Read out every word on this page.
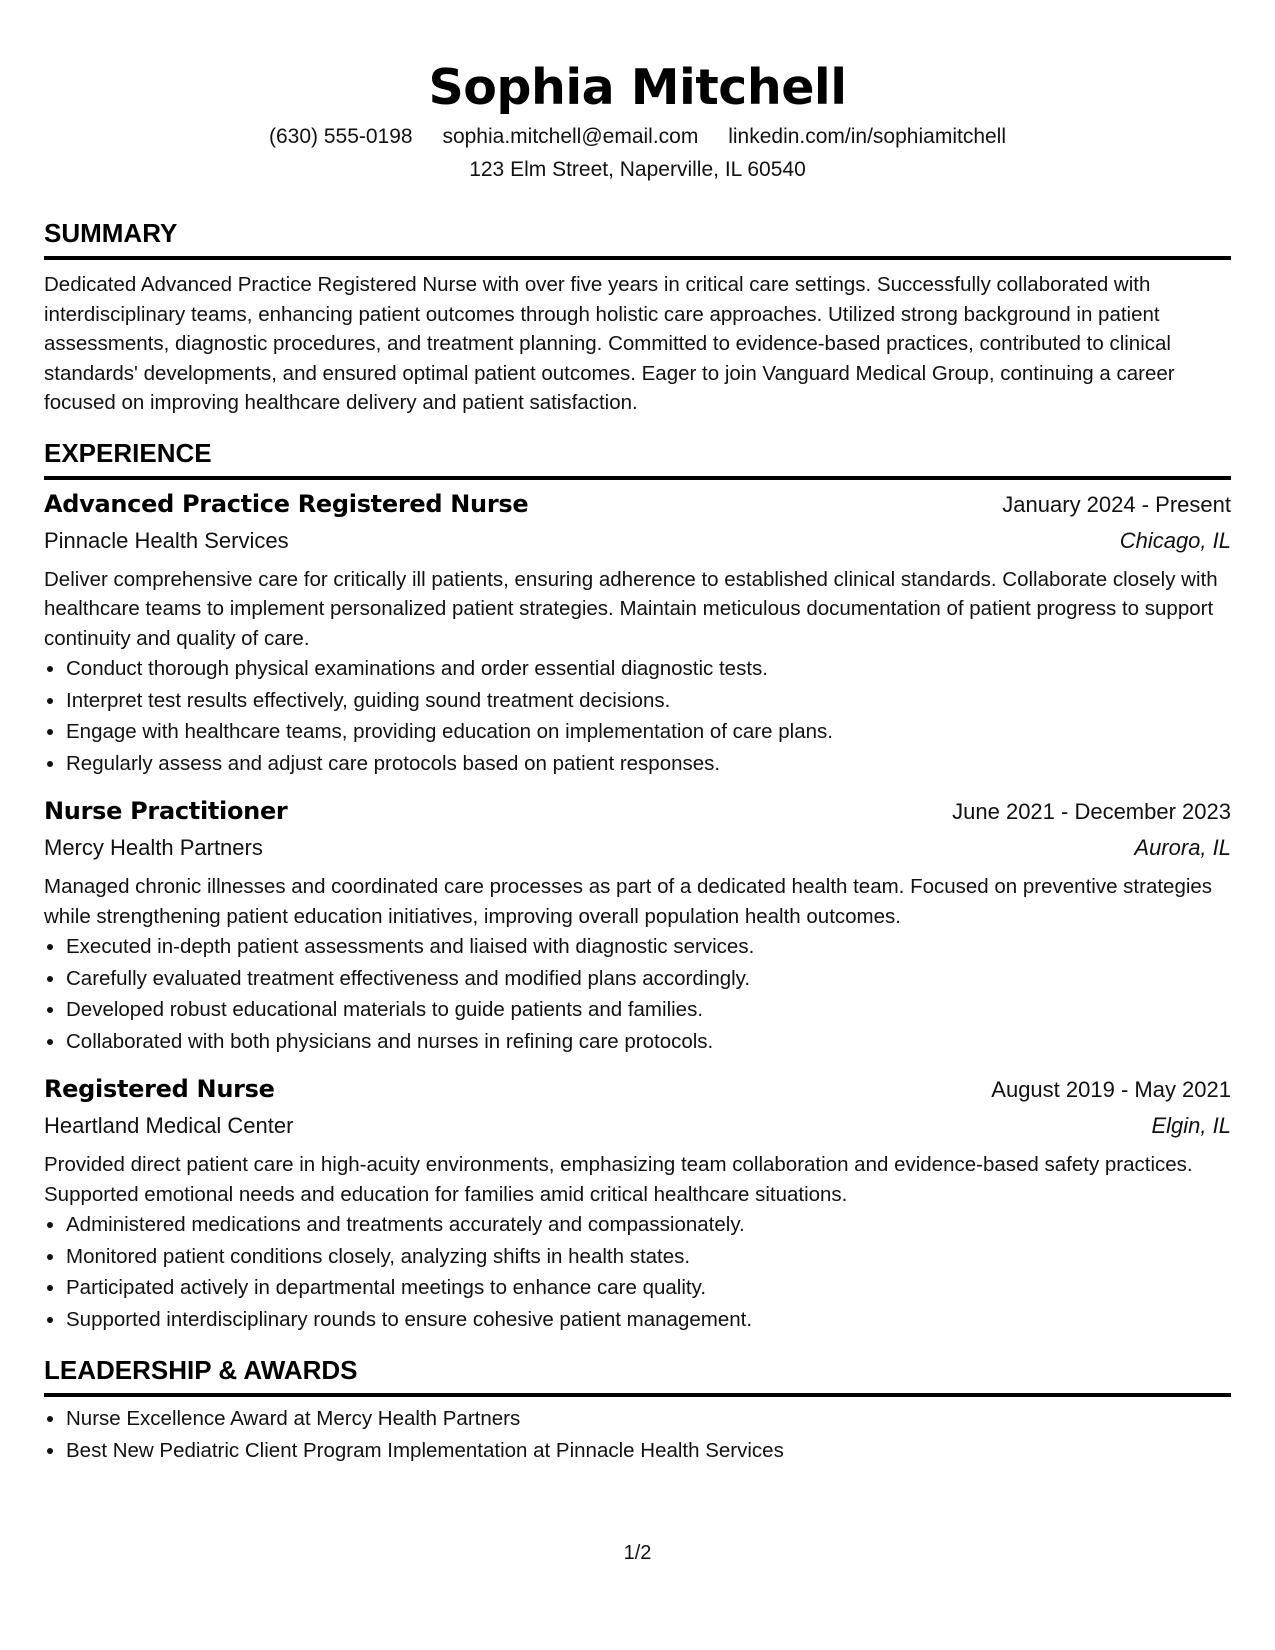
Sophia Mitchell
(630) 555-0198 sophia.mitchell@email.com linkedin.com/in/sophiamitchell
123 Elm Street, Naperville, IL 60540
SUMMARY
Dedicated Advanced Practice Registered Nurse with over five years in critical care settings. Successfully collaborated with interdisciplinary teams, enhancing patient outcomes through holistic care approaches. Utilized strong background in patient assessments, diagnostic procedures, and treatment planning. Committed to evidence-based practices, contributed to clinical standards' developments, and ensured optimal patient outcomes. Eager to join Vanguard Medical Group, continuing a career focused on improving healthcare delivery and patient satisfaction.
EXPERIENCE
Advanced Practice Registered Nurse	January 2024 - Present
Pinnacle Health Services	Chicago, IL
Deliver comprehensive care for critically ill patients, ensuring adherence to established clinical standards. Collaborate closely with healthcare teams to implement personalized patient strategies. Maintain meticulous documentation of patient progress to support continuity and quality of care.
• Conduct thorough physical examinations and order essential diagnostic tests.
• Interpret test results effectively, guiding sound treatment decisions.
• Engage with healthcare teams, providing education on implementation of care plans.
• Regularly assess and adjust care protocols based on patient responses.
Nurse Practitioner	June 2021 - December 2023
Mercy Health Partners	Aurora, IL
Managed chronic illnesses and coordinated care processes as part of a dedicated health team. Focused on preventive strategies while strengthening patient education initiatives, improving overall population health outcomes.
• Executed in-depth patient assessments and liaised with diagnostic services.
• Carefully evaluated treatment effectiveness and modified plans accordingly.
• Developed robust educational materials to guide patients and families.
• Collaborated with both physicians and nurses in refining care protocols.
Registered Nurse	August 2019 - May 2021
Heartland Medical Center	Elgin, IL
Provided direct patient care in high-acuity environments, emphasizing team collaboration and evidence-based safety practices. Supported emotional needs and education for families amid critical healthcare situations.
• Administered medications and treatments accurately and compassionately.
• Monitored patient conditions closely, analyzing shifts in health states.
• Participated actively in departmental meetings to enhance care quality.
• Supported interdisciplinary rounds to ensure cohesive patient management.
LEADERSHIP & AWARDS
• Nurse Excellence Award at Mercy Health Partners
• Best New Pediatric Client Program Implementation at Pinnacle Health Services
1/2
